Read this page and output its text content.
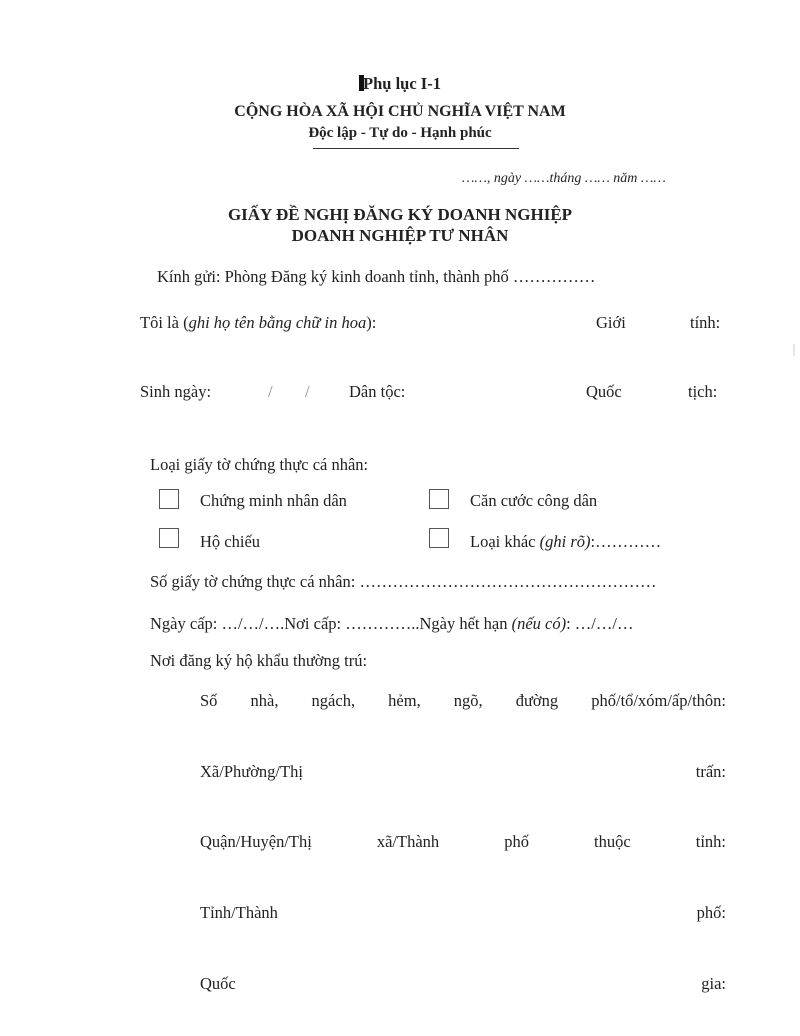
Phụ lục I-1
CỘNG HÒA XÃ HỘI CHỦ NGHĨA VIỆT NAM
Độc lập - Tự do - Hạnh phúc
……, ngày ……tháng …… năm ……
GIẤY ĐỀ NGHỊ ĐĂNG KÝ DOANH NGHIỆP
DOANH NGHIỆP TƯ NHÂN
Kính gửi: Phòng Đăng ký kinh doanh tỉnh, thành phố ……………
Tôi là (ghi họ tên bằng chữ in hoa):	Giới	tính:
Sinh ngày:	/ / Dân tộc:	Quốc	tịch:
Loại giấy tờ chứng thực cá nhân:
Chứng minh nhân dân	Căn cước công dân
Hộ chiếu	Loại khác (ghi rõ):…………
Số giấy tờ chứng thực cá nhân: ………………………………………………
Ngày cấp: …/…/….Nơi cấp: …………..Ngày hết hạn (nếu có): …/…/…
Nơi đăng ký hộ khẩu thường trú:
Số nhà, ngách, hẻm, ngõ, đường phố/tổ/xóm/ấp/thôn:
Xã/Phường/Thị	trấn:
Quận/Huyện/Thị	xã/Thành	phố	thuộc	tỉnh:
Tỉnh/Thành	phố:
Quốc	gia:
